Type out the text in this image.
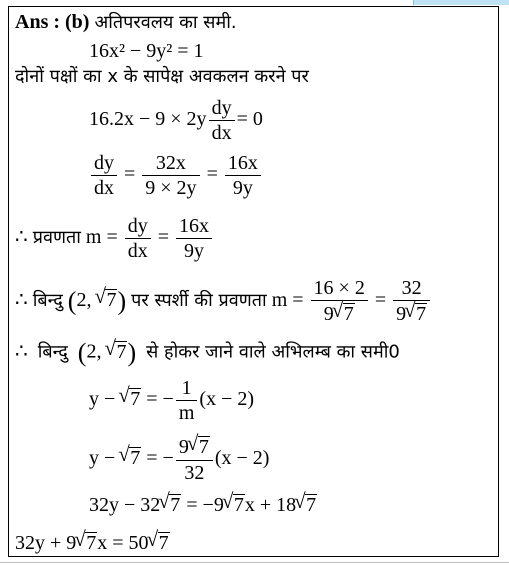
Ans : (b) अतिपरवलय का समी.
16x² − 9y² = 1
दोनों पक्षों का x के सापेक्ष अवकलन करने पर
$16.2x - 9 \times 2y \frac{dy}{dx} = 0$
$\frac{dy}{dx} = \frac{32x}{9 \times 2y} = \frac{16x}{9y}$
∴ प्रवणता $m = \frac{dy}{dx} = \frac{16x}{9y}$
∴ बिन्दु (2, √ 7) पर स्पर्शी की प्रवणता $m = \frac{16 \times 2}{9 √ 7} = \frac{32}{9 √ 7}$
∴ बिन्दु (2, √ 7) से होकर जाने वाले अभिलम्ब का समी0
y − √ 7 = − $\frac{1}{m} (x - 2)$
y − √ 7 = − $\frac{9 √ 7}{32} (x - 2)$
32y − 32 √ 7 = −9 √ 7x + 18 √ 7
32y + 9 √ 7x = 50 √ 7
